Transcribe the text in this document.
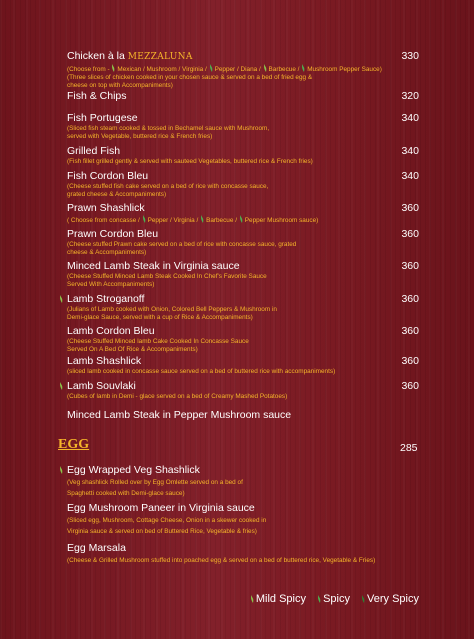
Chicken à la MEZZALUNA	330
(Choose from - Mexican / Mushroom / Virginia / Pepper / Diana / Barbecue / Mushroom Pepper Sauce)
(Three slices of chicken cooked in your chosen sauce & served on a bed of fried egg &
cheese on top with Accompaniments)
Fish & Chips	320
Fish Portugese	340
(Sliced fish steam cooked & tossed in Bechamel sauce with Mushroom,
served with Vegetable, buttered rice & French fries)
Grilled Fish	340
(Fish fillet grilled gently & served with sauteed Vegetables, buttered rice & French fries)
Fish Cordon Bleu	340
(Cheese stuffed fish cake served on a bed of rice with concasse sauce,
grated cheese & Accompaniments)
Prawn Shashlick	360
( Choose from concasse / Pepper / Virginia / Barbecue / Pepper Mushroom sauce)
Prawn Cordon Bleu	360
(Cheese stuffed Prawn cake served on a bed of rice with concasse sauce, grated
cheese & Accompaniments)
Minced Lamb Steak in Virginia sauce	360
(Cheese Stuffed Minced Lamb Steak Cooked In Chef's Favorite Sauce
Served With Accompaniments)
Lamb Stroganoff	360
(Julians of Lamb cooked with Onion, Colored Bell Peppers & Mushroom in
Demi-glace Sauce, served with a cup of Rice & Accompaniments)
Lamb Cordon Bleu	360
(Cheese Stuffed Minced lamb Cake Cooked In Concasse Sauce
Served On A Bed Of Rice & Accompaniments)
Lamb Shashlick	360
(sliced lamb cooked in concasse sauce served on a bed of buttered rice with accompaniments)
Lamb Souvlaki	360
(Cubes of lamb in Demi - glace served on a bed of Creamy Mashed Potatoes)
Minced Lamb Steak in Pepper Mushroom sauce
EGG	285
Egg Wrapped Veg Shashlick
(Veg shashlick Rolled over by Egg Omlette served on a bed of
Spaghetti cooked with Demi-glace sauce)
Egg Mushroom Paneer in Virginia sauce
(Sliced egg, Mushroom, Cottage Cheese, Onion in a skewer cooked in
Virginia sauce & served on bed of Buttered Rice, Vegetable & fries)
Egg Marsala
(Cheese & Grilled Mushroom stuffed into poached egg & served on a bed of buttered rice, Vegetable & Fries)
Mild Spicy Spicy Very Spicy
